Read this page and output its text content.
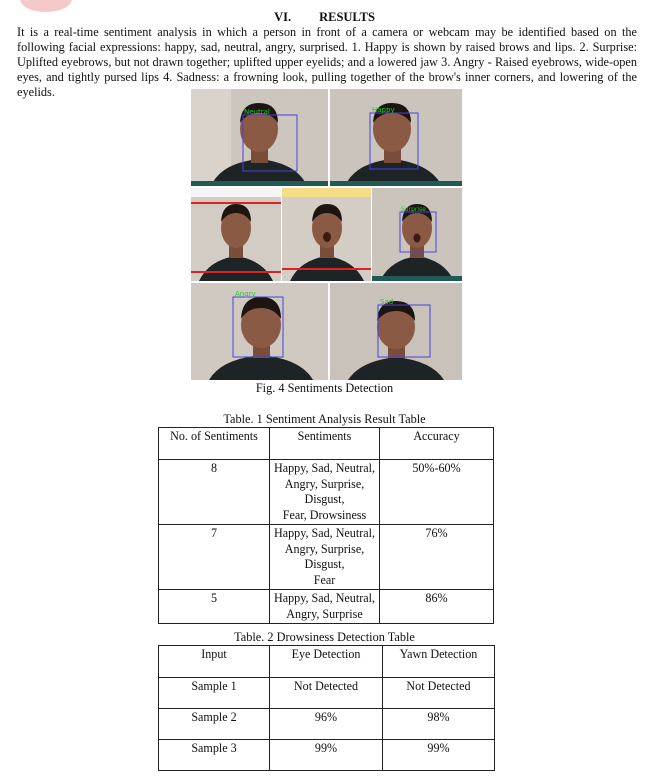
VI. RESULTS
It is a real-time sentiment analysis in which a person in front of a camera or webcam may be identified based on the following facial expressions: happy, sad, neutral, angry, surprised. 1. Happy is shown by raised brows and lips. 2. Surprise: Uplifted eyebrows, but not drawn together; uplifted upper eyelids; and a lowered jaw 3. Angry - Raised eyebrows, wide-open eyes, and tightly pursed lips 4. Sadness: a frowning look, pulling together of the brow's inner corners, and lowering of the eyelids.
Neutral	Happy
Surprise
Angry
Sad
Fig. 4 Sentiments Detection
Table. 1 Sentiment Analysis Result Table
No. of Sentiments	Sentiments	Accuracy
8	Happy, Sad, Neutral,
Angry, Surprise,
Disgust,
Fear, Drowsiness	50%-60%
7	Happy, Sad, Neutral,
Angry, Surprise,
Disgust,
Fear	76%
5	Happy, Sad, Neutral,
Angry, Surprise	86%
Table. 2 Drowsiness Detection Table
Input	Eye Detection	Yawn Detection
Sample 1	Not Detected	Not Detected
Sample 2	96%	98%
Sample 3	99%	99%
